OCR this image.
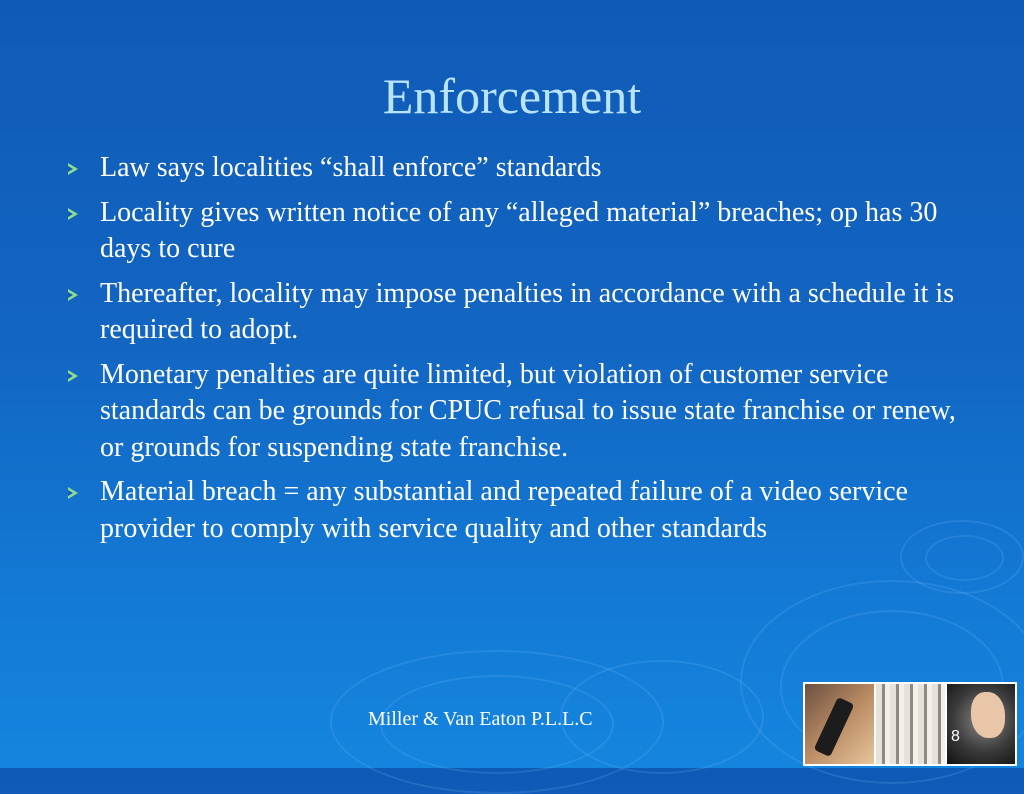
Enforcement
Law says localities “shall enforce” standards
Locality gives written notice of any “alleged material” breaches; op has 30 days to cure
Thereafter, locality may impose penalties in accordance with a schedule it is required to adopt.
Monetary penalties are quite limited, but violation of customer service standards can be grounds for CPUC refusal to issue state franchise or renew, or grounds for suspending state franchise.
Material breach = any substantial and repeated failure of a video service provider to comply with service quality and other standards
Miller & Van Eaton P.L.L.C
8
